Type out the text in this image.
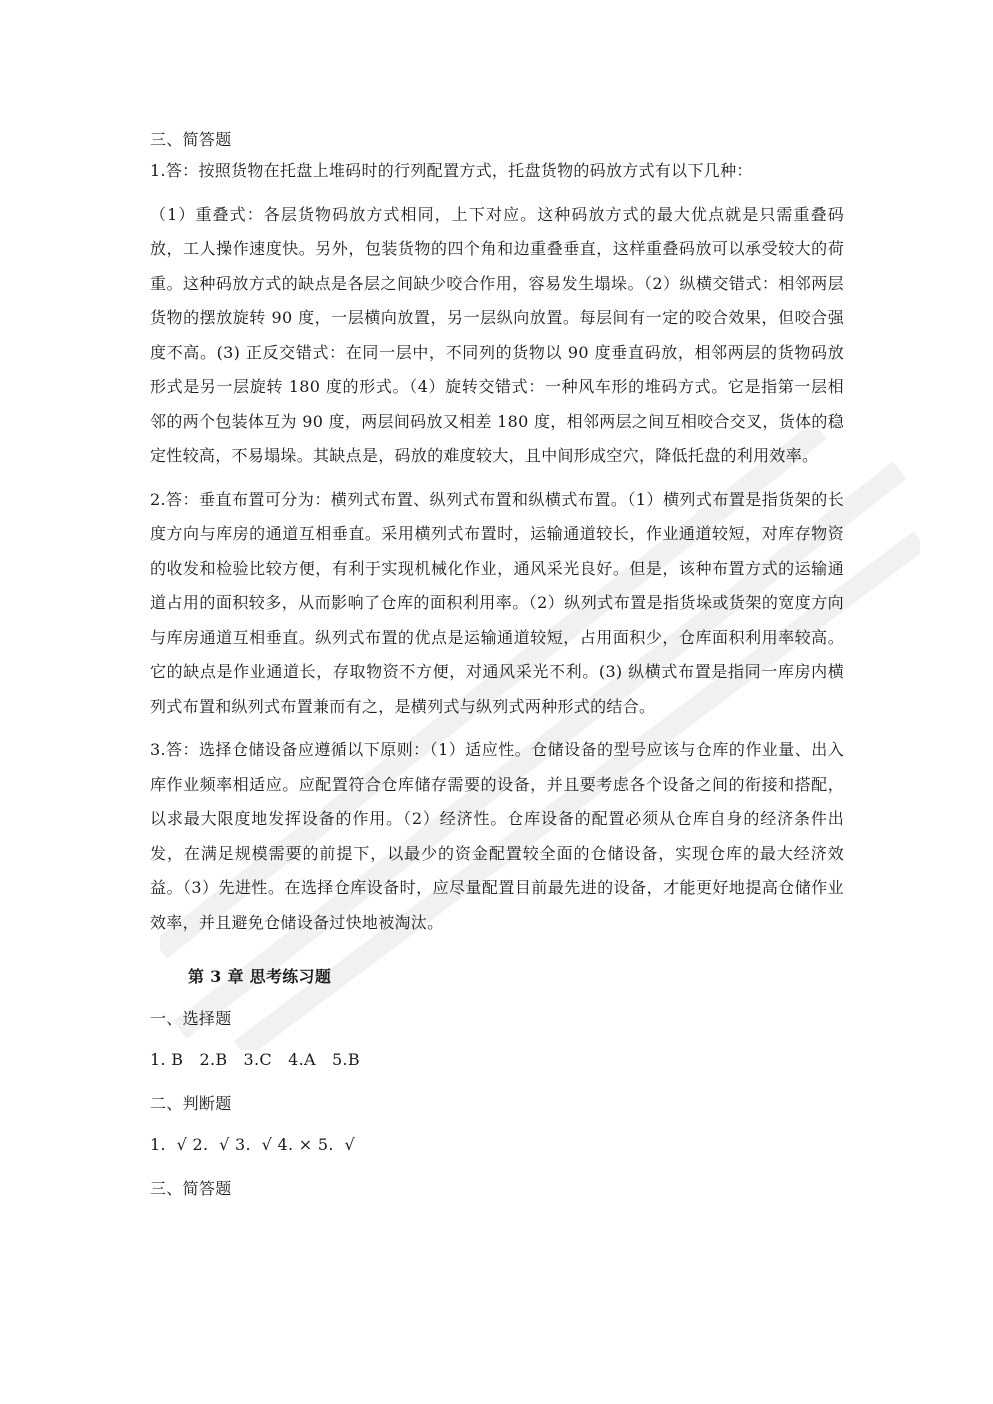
三、简答题

1.答：按照货物在托盘上堆码时的行列配置方式，托盘货物的码放方式有以下几种：

（1）重叠式：各层货物码放方式相同，上下对应。这种码放方式的最大优点就是只需重叠码放，工人操作速度快。另外，包装货物的四个角和边重叠垂直，这样重叠码放可以承受较大的荷重。这种码放方式的缺点是各层之间缺少咬合作用，容易发生塌垛。（2）纵横交错式：相邻两层货物的摆放旋转 90 度，一层横向放置，另一层纵向放置。每层间有一定的咬合效果，但咬合强度不高。(3) 正反交错式：在同一层中，不同列的货物以 90 度垂直码放，相邻两层的货物码放形式是另一层旋转 180 度的形式。（4）旋转交错式：一种风车形的堆码方式。它是指第一层相邻的两个包装体互为 90 度，两层间码放又相差 180 度，相邻两层之间互相咬合交叉，货体的稳定性较高，不易塌垛。其缺点是，码放的难度较大，且中间形成空穴，降低托盘的利用效率。

2.答：垂直布置可分为：横列式布置、纵列式布置和纵横式布置。（1）横列式布置是指货架的长度方向与库房的通道互相垂直。采用横列式布置时，运输通道较长，作业通道较短，对库存物资的收发和检验比较方便，有利于实现机械化作业，通风采光良好。但是，该种布置方式的运输通道占用的面积较多，从而影响了仓库的面积利用率。（2）纵列式布置是指货垛或货架的宽度方向与库房通道互相垂直。纵列式布置的优点是运输通道较短，占用面积少，仓库面积利用率较高。它的缺点是作业通道长，存取物资不方便，对通风采光不利。(3) 纵横式布置是指同一库房内横列式布置和纵列式布置兼而有之，是横列式与纵列式两种形式的结合。

3.答：选择仓储设备应遵循以下原则：（1）适应性。仓储设备的型号应该与仓库的作业量、出入库作业频率相适应。应配置符合仓库储存需要的设备，并且要考虑各个设备之间的衔接和搭配，以求最大限度地发挥设备的作用。（2）经济性。仓库设备的配置必须从仓库自身的经济条件出发，在满足规模需要的前提下，以最少的资金配置较全面的仓储设备，实现仓库的最大经济效益。（3）先进性。在选择仓库设备时，应尽量配置目前最先进的设备，才能更好地提高仓储作业效率，并且避免仓储设备过快地被淘汰。

第 3 章 思考练习题

一、选择题

1. B   2.B   3.C   4.A   5.B

二、判断题

1.  √ 2.  √ 3.  √ 4. × 5.  √

三、简答题
